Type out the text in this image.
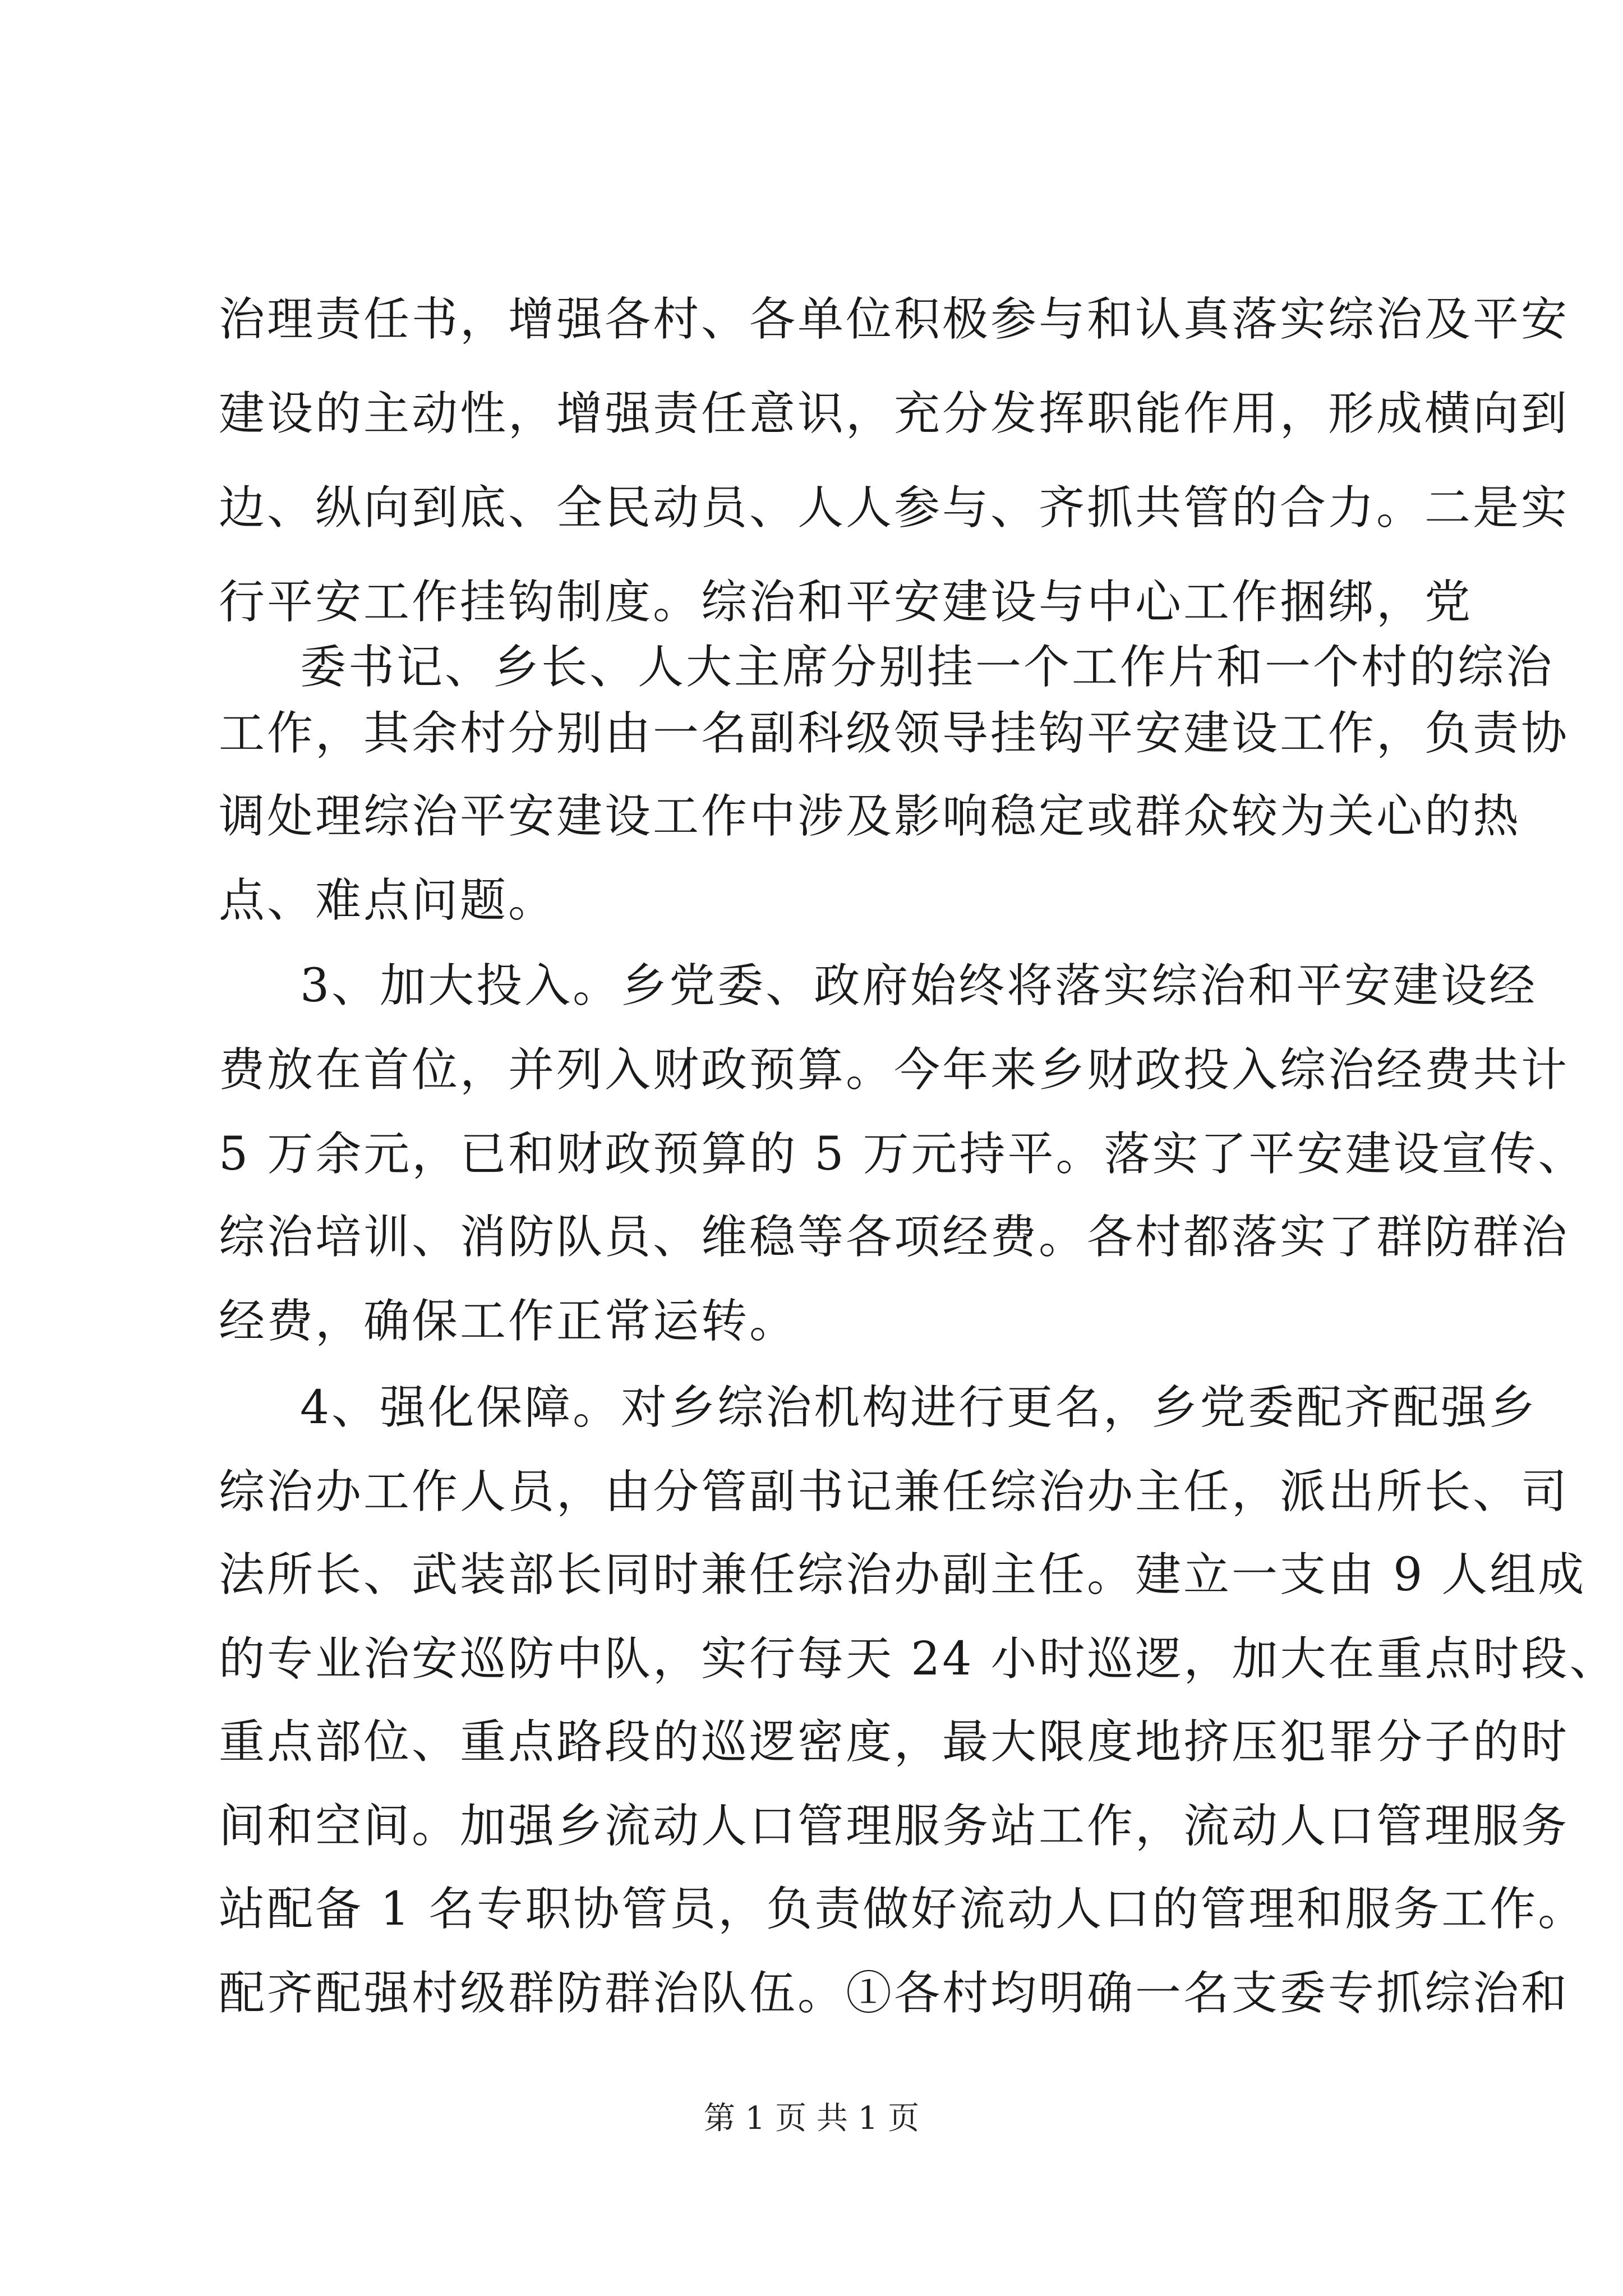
治理责任书，增强各村、各单位积极参与和认真落实综治及平安
建设的主动性，增强责任意识，充分发挥职能作用，形成横向到
边、纵向到底、全民动员、人人参与、齐抓共管的合力。二是实
行平安工作挂钩制度。综治和平安建设与中心工作捆绑，党
委书记、乡长、人大主席分别挂一个工作片和一个村的综治
工作，其余村分别由一名副科级领导挂钩平安建设工作，负责协
调处理综治平安建设工作中涉及影响稳定或群众较为关心的热
点、难点问题。
3、加大投入。乡党委、政府始终将落实综治和平安建设经
费放在首位，并列入财政预算。今年来乡财政投入综治经费共计
5 万余元，已和财政预算的 5 万元持平。落实了平安建设宣传、
综治培训、消防队员、维稳等各项经费。各村都落实了群防群治
经费，确保工作正常运转。
4、强化保障。对乡综治机构进行更名，乡党委配齐配强乡
综治办工作人员，由分管副书记兼任综治办主任，派出所长、司
法所长、武装部长同时兼任综治办副主任。建立一支由 9 人组成
的专业治安巡防中队，实行每天 24 小时巡逻，加大在重点时段、
重点部位、重点路段的巡逻密度，最大限度地挤压犯罪分子的时
间和空间。加强乡流动人口管理服务站工作，流动人口管理服务
站配备 1 名专职协管员，负责做好流动人口的管理和服务工作。
配齐配强村级群防群治队伍。①各村均明确一名支委专抓综治和
第 1 页 共 1 页
